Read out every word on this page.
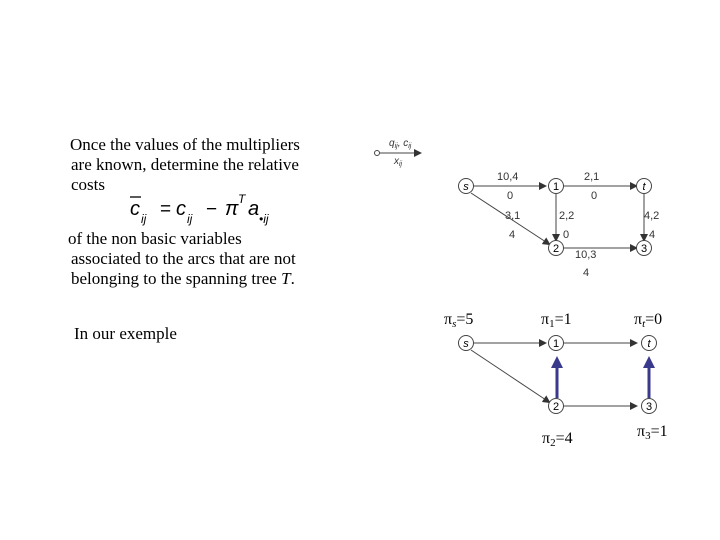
Once the values of the multipliers
are known, determine the relative
costs
c ij = c ij − π T a •ij
of the non basic variables
associated to the arcs that are not
belonging to the spanning tree T.
In our exemple
$q_{ij}$, $c_{ij}$
$x_{ij}$
s	1	t
2	3
10,4
0
2,1
0
3,1
4
2,2
0
4,2
4
10,3
4
πs=5	π1=1	πt=0
s	1	t
2	3
π2=4	π3=1
